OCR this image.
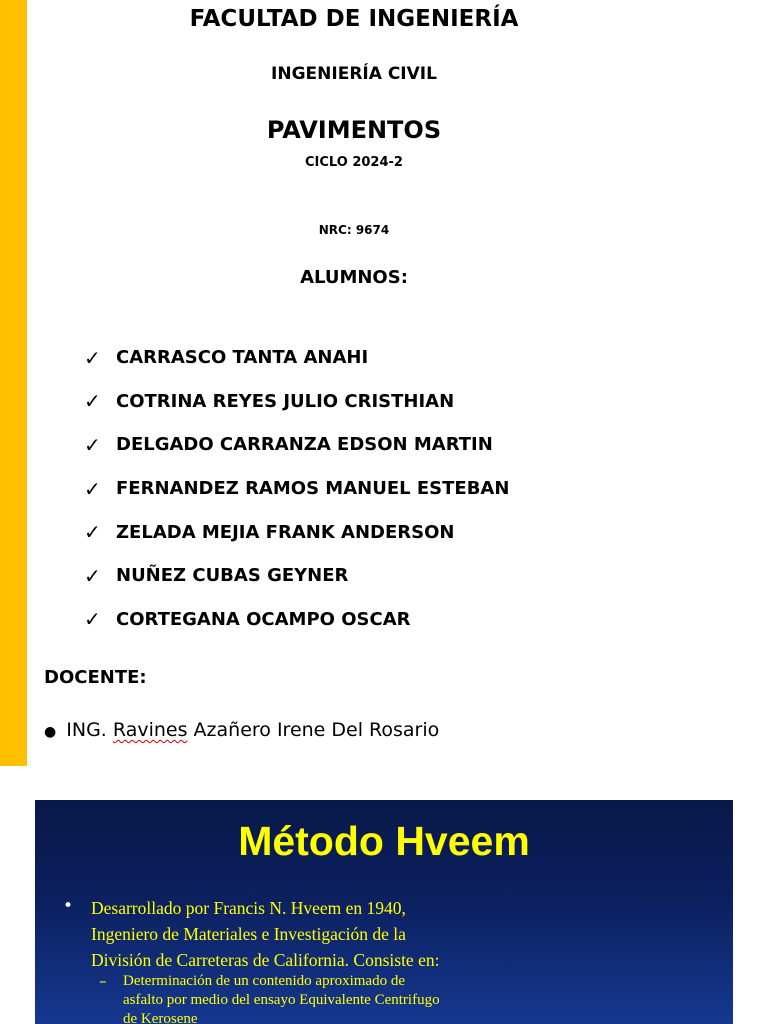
FACULTAD DE INGENIERÍA
INGENIERÍA CIVIL
PAVIMENTOS
CICLO 2024-2
NRC: 9674
ALUMNOS:
✓ CARRASCO TANTA ANAHI
✓ COTRINA REYES JULIO CRISTHIAN
✓ DELGADO CARRANZA EDSON MARTIN
✓ FERNANDEZ RAMOS MANUEL ESTEBAN
✓ ZELADA MEJIA FRANK ANDERSON
✓ NUÑEZ CUBAS GEYNER
✓ CORTEGANA OCAMPO OSCAR
DOCENTE:
● ING. Ravines Azañero Irene Del Rosario
Método Hveem
• Desarrollado por Francis N. Hveem en 1940,
Ingeniero de Materiales e Investigación de la
División de Carreteras de California. Consiste en:
– Determinación de un contenido aproximado de
asfalto por medio del ensayo Equivalente Centrifugo
de Kerosene
